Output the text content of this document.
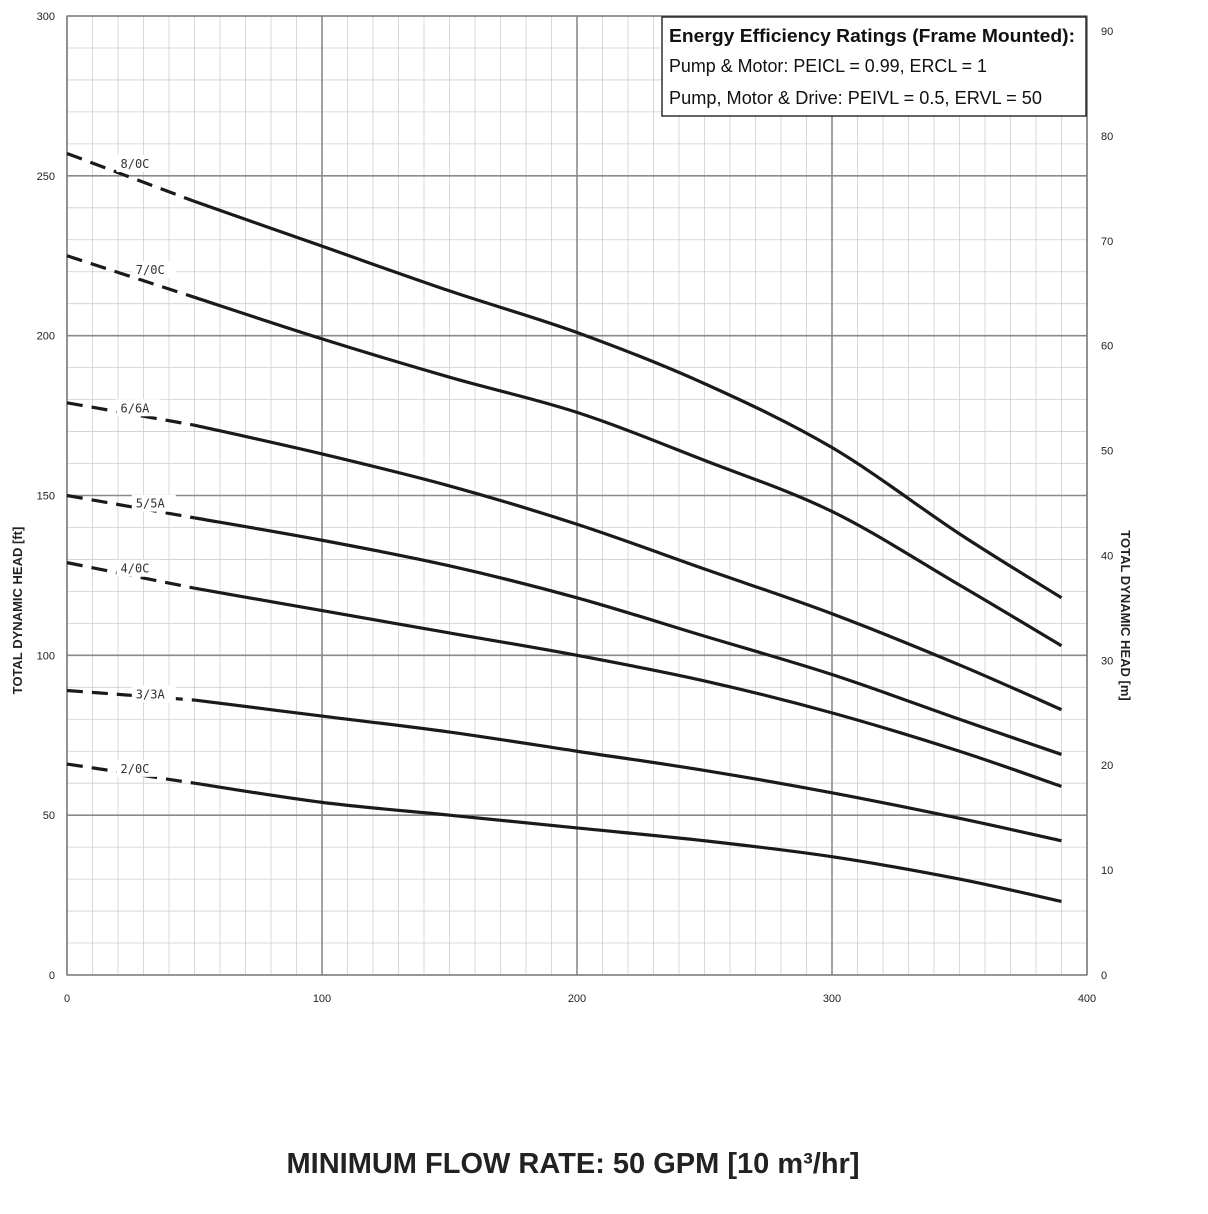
0	100	200	300	400
0
50
100
150
200
250
300
0
10
20
30
40
50
60
70
80
90
TOTAL DYNAMIC HEAD [ft]	TOTAL DYNAMIC HEAD [m]
8/0C
7/0C
6/6A
5/5A
4/0C
3/3A
2/0C
Energy Efficiency Ratings (Frame Mounted):
Pump & Motor: PEICL = 0.99, ERCL = 1
Pump, Motor & Drive: PEIVL = 0.5, ERVL = 50
MINIMUM FLOW RATE: 50 GPM [10 m³/hr]
